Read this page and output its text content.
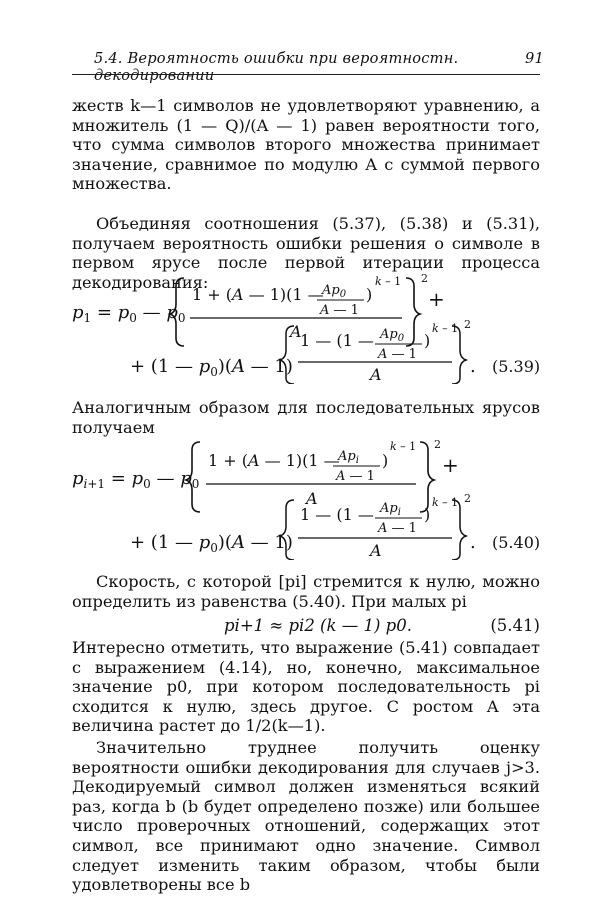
5.4. Вероятность ошибки при вероятностн. декодировании
91

жеств k—1 символов не удовлетворяют уравнению, а множитель (1 — Q)/(A — 1) равен вероятности того, что сумма символов второго множества принимает значение, сравнимое по модулю A с суммой первого множества.

Объединяя соотношения (5.37), (5.38) и (5.31), получаем вероятность ошибки решения о символе в первом ярусе после первой итерации процесса декодирования:

$p_1 = p_0$ — $p_0$
1 + (A — 1)(1 —
$Ap_0$
A — 1
)
k – 1
A
2
+
+ (1 — $p_0)(A$ — 1)
1 — (1 — $Ap_0$
A — 1
)
k – 1
A
2
. (5.39)

Аналогичным образом для последовательных ярусов получаем

$p_i+1 = p_0$ — $p_0$
1 + (A — 1)(1 —
$Ap_i$
A — 1
)
k – 1
A
2
+
+ (1 — $p_0)(A$ — 1)
1 — (1 — $Ap_i$
A — 1
)
k – 1
A
2
. (5.40)

Скорость, с которой [pi] стремится к нулю, можно определить из равенства (5.40). При малых pi

pi+1 ≈ pi2 (k — 1) p0.	(5.41)

Интересно отметить, что выражение (5.41) совпадает с выражением (4.14), но, конечно, максимальное значение p0, при котором последовательность pi сходится к нулю, здесь другое. С ростом A эта величина растет до 1/2(k—1).

Значительно труднее получить оценку вероятности ошибки декодирования для случаев j>3. Декодируемый символ должен изменяться всякий раз, когда b (b будет определено позже) или большее число проверочных отношений, содержащих этот символ, все принимают одно значение. Символ следует изменить таким образом, чтобы были удовлетворены все b
